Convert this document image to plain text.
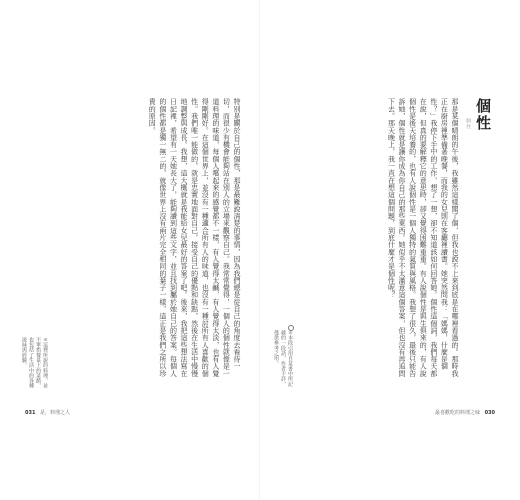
特別是關於自己的個性，那是最難說清楚的事情，因為我們總是從自己的角度去看待一切，而很少有機會能夠站在別人的立場來觀察自己。我常常覺得，一個人的個性就像是一道料理的味道，每個人嚐起來的感覺都不一樣，有人覺得太鹹，有人覺得太淡，也有人覺得剛剛好。在這個世界上，並沒有一種適合所有人的味道，也沒有一種討所有人喜歡的個性。我們唯一能做的，就是忠實地面對自己，接受自己的優點和缺點，然後在生活中慢慢地調整與成長。我想，這大概就是我能給女兒最好的答案了吧。後來，我把這些想法寫在日記裡，希望有一天她長大了，能夠讀到這些文字，並且找到屬於她自己的答案。每個人的個性都是獨一無二的，就像世界上沒有兩片完全相同的葉子一樣，這正是我們之所以珍貴的原因。
＊這裡所說的料理，並不單指餐桌上的菜餚，也包括了生活中的各種滋味與經驗。
031 是，料理之人
個性
個性
那是某個晴朗的午後，我雖然這樣聞了個，但我也說不上來到底是在哪裡看過的。那時我正在廚房裡準備著晚餐，而我的女兒則在客廳裡讀書。她突然問我：「媽媽，什麼是個性？」我停下手中的工作，想了一想，卻不知道該如何回答她。個性這個詞，我們每天都在說，但真的要解釋它的意思時，卻又覺得困難重重。有人說個性是與生俱來的，有人說個性是後天培養的，也有人說個性是一個人獨特的氣質與風格。我想了很久，最後只能告訴她，個性就是讓你成為你自己的那些東西。她似乎不太滿意這個答案，但也沒有再追問下去。那天晚上，我一直在想這個問題，到底什麼才是個性呢？
＊本段引用自某書中所記載的一段話，作者不詳，僅供參考之用。
最喜歡吃的料理之味 030
